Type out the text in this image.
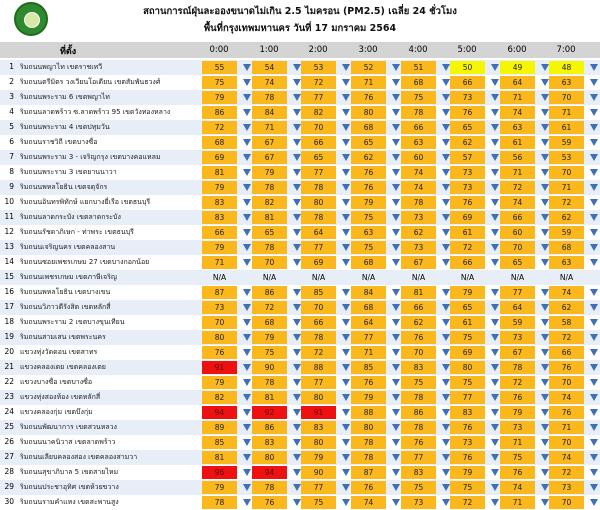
สถานการณ์ฝุ่นละอองขนาดไม่เกิน 2.5 ไมครอน (PM2.5) เฉลี่ย 24 ชั่วโมง
พื้นที่กรุงเทพมหานคร วันที่ 17 มกราคม 2564
ที่ตั้ง	0:00	1:00	2:00	3:00	4:00	5:00	6:00	7:00
1 ริมถนนพญาไท เขตราชเทวี	55	54	53	52	51	50	49	48
2 ริมถนนตรีมิตร วงเวียนโอเดียน เขตสัมพันธวงศ์	75	74	72	71	68	66	64	63
3 ริมถนนพระราม 6 เขตพญาไท	79	78	77	76	75	73	71	70
4 ริมถนนลาดพร้าว ซ.ลาดพร้าว 95 เขตวังทองหลาง	86	84	82	80	78	76	74	71
5 ริมถนนพระราม 4 เขตปทุมวัน	72	71	70	68	66	65	63	61
6 ริมถนนราชวิถี เขตบางซื่อ	68	67	66	65	63	62	61	59
7 ริมถนนพระราม 3 - เจริญกรุง เขตบางคอแหลม	69	67	65	62	60	57	56	53
8 ริมถนนพระราม 3 เขตยานนาวา	81	79	77	76	74	73	71	70
9 ริมถนนพหลโยธิน เขตจตุจักร	79	78	78	76	74	73	72	71
10 ริมถนนอินทรพิทักษ์ แยกบางยี่เรือ เขตธนบุรี	83	82	80	79	78	76	74	72
11 ริมถนนลาดกระบัง เขตลาดกระบัง	83	81	78	75	73	69	66	62
12 ริมถนนรัชดาภิเษก - ท่าพระ เขตธนบุรี	66	65	64	63	62	61	60	59
13 ริมถนนเจริญนคร เขตคลองสาน	79	78	77	75	73	72	70	68
14 ริมถนนซอยเพชรเกษม 27 เขตบางกอกน้อย	71	70	69	68	67	66	65	63
15 ริมถนนเพชรเกษม เขตภาษีเจริญ	N/A	N/A	N/A	N/A	N/A	N/A	N/A	N/A
16 ริมถนนพหลโยธิน เขตบางเขน	87	86	85	84	81	79	77	74
17 ริมถนนวิภาวดีรังสิต เขตหลักสี่	73	72	70	68	66	65	64	62
18 ริมถนนพระราม 2 เขตบางขุนเทียน	70	68	66	64	62	61	59	58
19 ริมถนนสามเสน เขตพระนคร	80	79	78	77	76	75	73	72
20 แขวงทุ่งวัดดอน เขตสาทร	76	75	72	71	70	69	67	66
21 แขวงคลองเตย เขตคลองเตย	91	90	88	85	83	80	78	76
22 แขวงบางซื่อ เขตบางซื่อ	79	78	77	76	75	75	72	70
23 แขวงทุ่งสองห้อง เขตหลักสี่	82	81	80	79	78	77	76	74
24 แขวงคลองกุ่ม เขตบึงกุ่ม	94	92	91	88	86	83	79	76
25 ริมถนนพัฒนาการ เขตสวนหลวง	89	86	83	80	78	76	73	71
26 ริมถนนนาคนิวาส เขตลาดพร้าว	85	83	80	78	76	73	71	70
27 ริมถนนเลียบคลองสอง เขตคลองสามวา	81	80	79	78	77	76	75	74
28 ริมถนนสุขาภิบาล 5 เขตสายไหม	96	94	90	87	83	79	76	72
29 ริมถนนประชาอุทิศ เขตห้วยขวาง	79	78	77	76	75	75	74	73
30 ริมถนนรามคำแหง เขตสะพานสูง	78	76	75	74	73	72	71	70
